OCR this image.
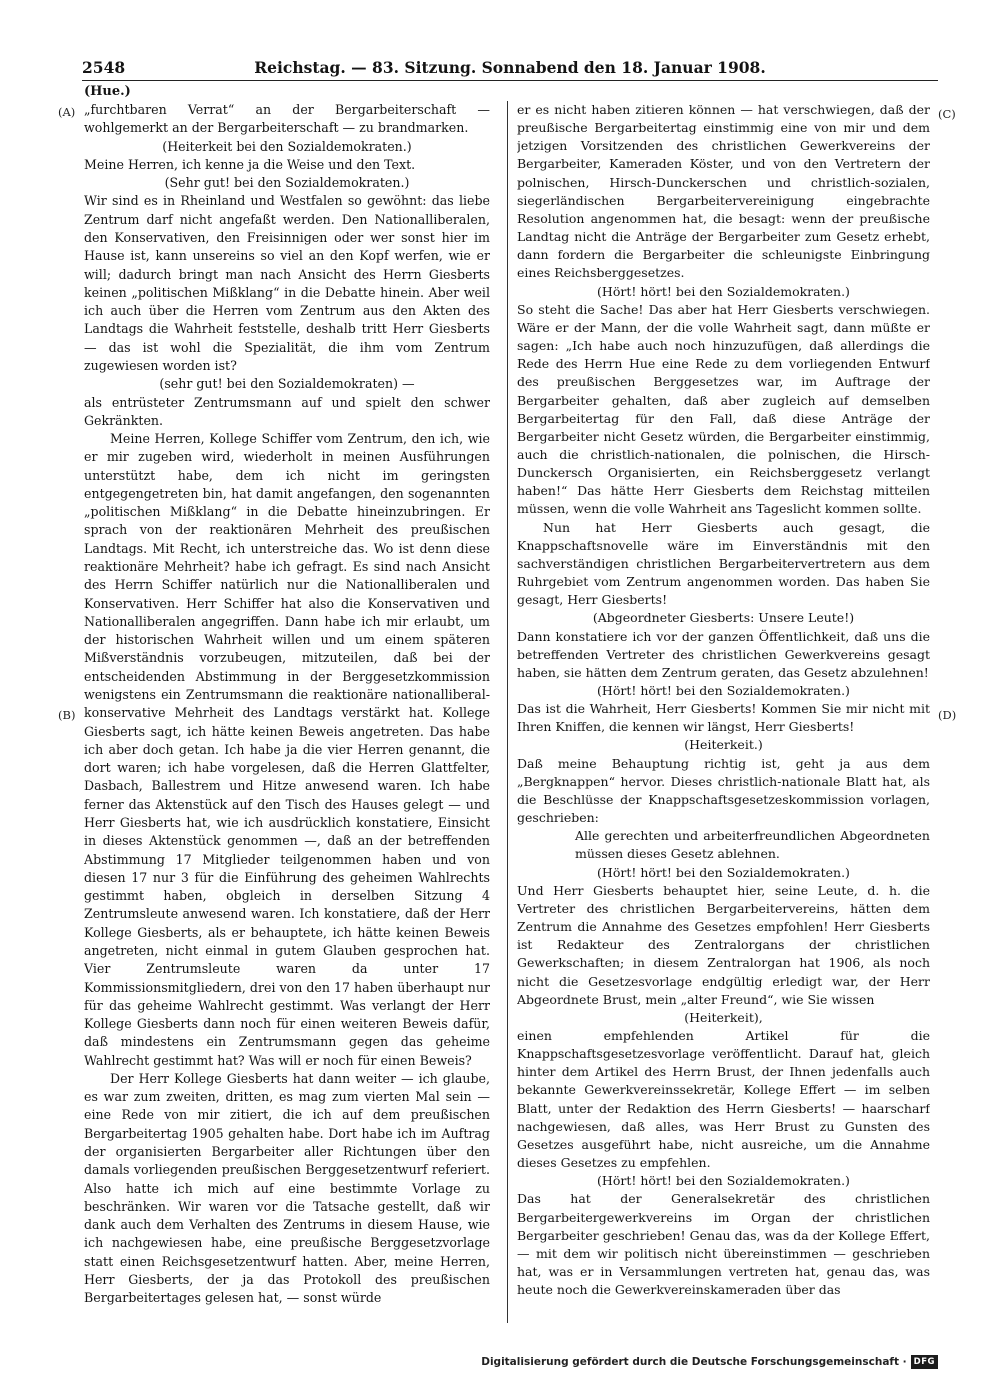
2548	Reichstag. — 83. Sitzung. Sonnabend den 18. Januar 1908.
(Hue.)
(A)
(B)
(C)
(D)

„furchtbaren Verrat“ an der Bergarbeiterschaft — wohlgemerkt an der Bergarbeiterschaft — zu brandmarken.

(Heiterkeit bei den Sozialdemokraten.)

Meine Herren, ich kenne ja die Weise und den Text.

(Sehr gut! bei den Sozialdemokraten.)

Wir sind es in Rheinland und Westfalen so gewöhnt: das liebe Zentrum darf nicht angefaßt werden. Den Nationalliberalen, den Konservativen, den Freisinnigen oder wer sonst hier im Hause ist, kann unsereins so viel an den Kopf werfen, wie er will; dadurch bringt man nach Ansicht des Herrn Giesberts keinen „politischen Mißklang“ in die Debatte hinein. Aber weil ich auch über die Herren vom Zentrum aus den Akten des Landtags die Wahrheit feststelle, deshalb tritt Herr Giesberts — das ist wohl die Spezialität, die ihm vom Zentrum zugewiesen worden ist?

(sehr gut! bei den Sozialdemokraten) —

als entrüsteter Zentrumsmann auf und spielt den schwer Gekränkten.

Meine Herren, Kollege Schiffer vom Zentrum, den ich, wie er mir zugeben wird, wiederholt in meinen Ausführungen unterstützt habe, dem ich nicht im geringsten entgegengetreten bin, hat damit angefangen, den sogenannten „politischen Mißklang“ in die Debatte hineinzubringen. Er sprach von der reaktionären Mehrheit des preußischen Landtags. Mit Recht, ich unterstreiche das. Wo ist denn diese reaktionäre Mehrheit? habe ich gefragt. Es sind nach Ansicht des Herrn Schiffer natürlich nur die Nationalliberalen und Konservativen. Herr Schiffer hat also die Konservativen und Nationalliberalen angegriffen. Dann habe ich mir erlaubt, um der historischen Wahrheit willen und um einem späteren Mißverständnis vorzubeugen, mitzuteilen, daß bei der entscheidenden Abstimmung in der Berggesetzkommission wenigstens ein Zentrumsmann die reaktionäre nationalliberal-konservative Mehrheit des Landtags verstärkt hat. Kollege Giesberts sagt, ich hätte keinen Beweis angetreten. Das habe ich aber doch getan. Ich habe ja die vier Herren genannt, die dort waren; ich habe vorgelesen, daß die Herren Glattfelter, Dasbach, Ballestrem und Hitze anwesend waren. Ich habe ferner das Aktenstück auf den Tisch des Hauses gelegt — und Herr Giesberts hat, wie ich ausdrücklich konstatiere, Einsicht in dieses Aktenstück genommen —, daß an der betreffenden Abstimmung 17 Mitglieder teilgenommen haben und von diesen 17 nur 3 für die Einführung des geheimen Wahlrechts gestimmt haben, obgleich in derselben Sitzung 4 Zentrumsleute anwesend waren. Ich konstatiere, daß der Herr Kollege Giesberts, als er behauptete, ich hätte keinen Beweis angetreten, nicht einmal in gutem Glauben gesprochen hat. Vier Zentrumsleute waren da unter 17 Kommissionsmitgliedern, drei von den 17 haben überhaupt nur für das geheime Wahlrecht gestimmt. Was verlangt der Herr Kollege Giesberts dann noch für einen weiteren Beweis dafür, daß mindestens ein Zentrumsmann gegen das geheime Wahlrecht gestimmt hat? Was will er noch für einen Beweis?

Der Herr Kollege Giesberts hat dann weiter — ich glaube, es war zum zweiten, dritten, es mag zum vierten Mal sein — eine Rede von mir zitiert, die ich auf dem preußischen Bergarbeitertag 1905 gehalten habe. Dort habe ich im Auftrag der organisierten Bergarbeiter aller Richtungen über den damals vorliegenden preußischen Berggesetzentwurf referiert. Also hatte ich mich auf eine bestimmte Vorlage zu beschränken. Wir waren vor die Tatsache gestellt, daß wir dank auch dem Verhalten des Zentrums in diesem Hause, wie ich nachgewiesen habe, eine preußische Berggesetzvorlage statt einen Reichsgesetzentwurf hatten. Aber, meine Herren, Herr Giesberts, der ja das Protokoll des preußischen Bergarbeitertages gelesen hat, — sonst würde

er es nicht haben zitieren können — hat verschwiegen, daß der preußische Bergarbeitertag einstimmig eine von mir und dem jetzigen Vorsitzenden des christlichen Gewerkvereins der Bergarbeiter, Kameraden Köster, und von den Vertretern der polnischen, Hirsch-Dunckerschen und christlich-sozialen, siegerländischen Bergarbeitervereinigung eingebrachte Resolution angenommen hat, die besagt: wenn der preußische Landtag nicht die Anträge der Bergarbeiter zum Gesetz erhebt, dann fordern die Bergarbeiter die schleunigste Einbringung eines Reichsberggesetzes.

(Hört! hört! bei den Sozialdemokraten.)

So steht die Sache! Das aber hat Herr Giesberts verschwiegen. Wäre er der Mann, der die volle Wahrheit sagt, dann müßte er sagen: „Ich habe auch noch hinzuzufügen, daß allerdings die Rede des Herrn Hue eine Rede zu dem vorliegenden Entwurf des preußischen Berggesetzes war, im Auftrage der Bergarbeiter gehalten, daß aber zugleich auf demselben Bergarbeitertag für den Fall, daß diese Anträge der Bergarbeiter nicht Gesetz würden, die Bergarbeiter einstimmig, auch die christlich-nationalen, die polnischen, die Hirsch-Dunckersch Organisierten, ein Reichsberggesetz verlangt haben!“ Das hätte Herr Giesberts dem Reichstag mitteilen müssen, wenn die volle Wahrheit ans Tageslicht kommen sollte.

Nun hat Herr Giesberts auch gesagt, die Knappschaftsnovelle wäre im Einverständnis mit den sachverständigen christlichen Bergarbeitervertretern aus dem Ruhrgebiet vom Zentrum angenommen worden. Das haben Sie gesagt, Herr Giesberts!

(Abgeordneter Giesberts: Unsere Leute!)

Dann konstatiere ich vor der ganzen Öffentlichkeit, daß uns die betreffenden Vertreter des christlichen Gewerkvereins gesagt haben, sie hätten dem Zentrum geraten, das Gesetz abzulehnen!

(Hört! hört! bei den Sozialdemokraten.)

Das ist die Wahrheit, Herr Giesberts! Kommen Sie mir nicht mit Ihren Kniffen, die kennen wir längst, Herr Giesberts!

(Heiterkeit.)

Daß meine Behauptung richtig ist, geht ja aus dem „Bergknappen“ hervor. Dieses christlich-nationale Blatt hat, als die Beschlüsse der Knappschaftsgesetzeskommission vorlagen, geschrieben:

Alle gerechten und arbeiterfreundlichen Abgeordneten müssen dieses Gesetz ablehnen.

(Hört! hört! bei den Sozialdemokraten.)

Und Herr Giesberts behauptet hier, seine Leute, d. h. die Vertreter des christlichen Bergarbeitervereins, hätten dem Zentrum die Annahme des Gesetzes empfohlen! Herr Giesberts ist Redakteur des Zentralorgans der christlichen Gewerkschaften; in diesem Zentralorgan hat 1906, als noch nicht die Gesetzesvorlage endgültig erledigt war, der Herr Abgeordnete Brust, mein „alter Freund“, wie Sie wissen

(Heiterkeit),

einen empfehlenden Artikel für die Knappschaftsgesetzesvorlage veröffentlicht. Darauf hat, gleich hinter dem Artikel des Herrn Brust, der Ihnen jedenfalls auch bekannte Gewerkvereinssekretär, Kollege Effert — im selben Blatt, unter der Redaktion des Herrn Giesberts! — haarscharf nachgewiesen, daß alles, was Herr Brust zu Gunsten des Gesetzes ausgeführt habe, nicht ausreiche, um die Annahme dieses Gesetzes zu empfehlen.

(Hört! hört! bei den Sozialdemokraten.)

Das hat der Generalsekretär des christlichen Bergarbeitergewerkvereins im Organ der christlichen Bergarbeiter geschrieben! Genau das, was da der Kollege Effert, — mit dem wir politisch nicht übereinstimmen — geschrieben hat, was er in Versammlungen vertreten hat, genau das, was heute noch die Gewerkvereinskameraden über das

Digitalisierung gefördert durch die Deutsche Forschungsgemeinschaft · DFG
